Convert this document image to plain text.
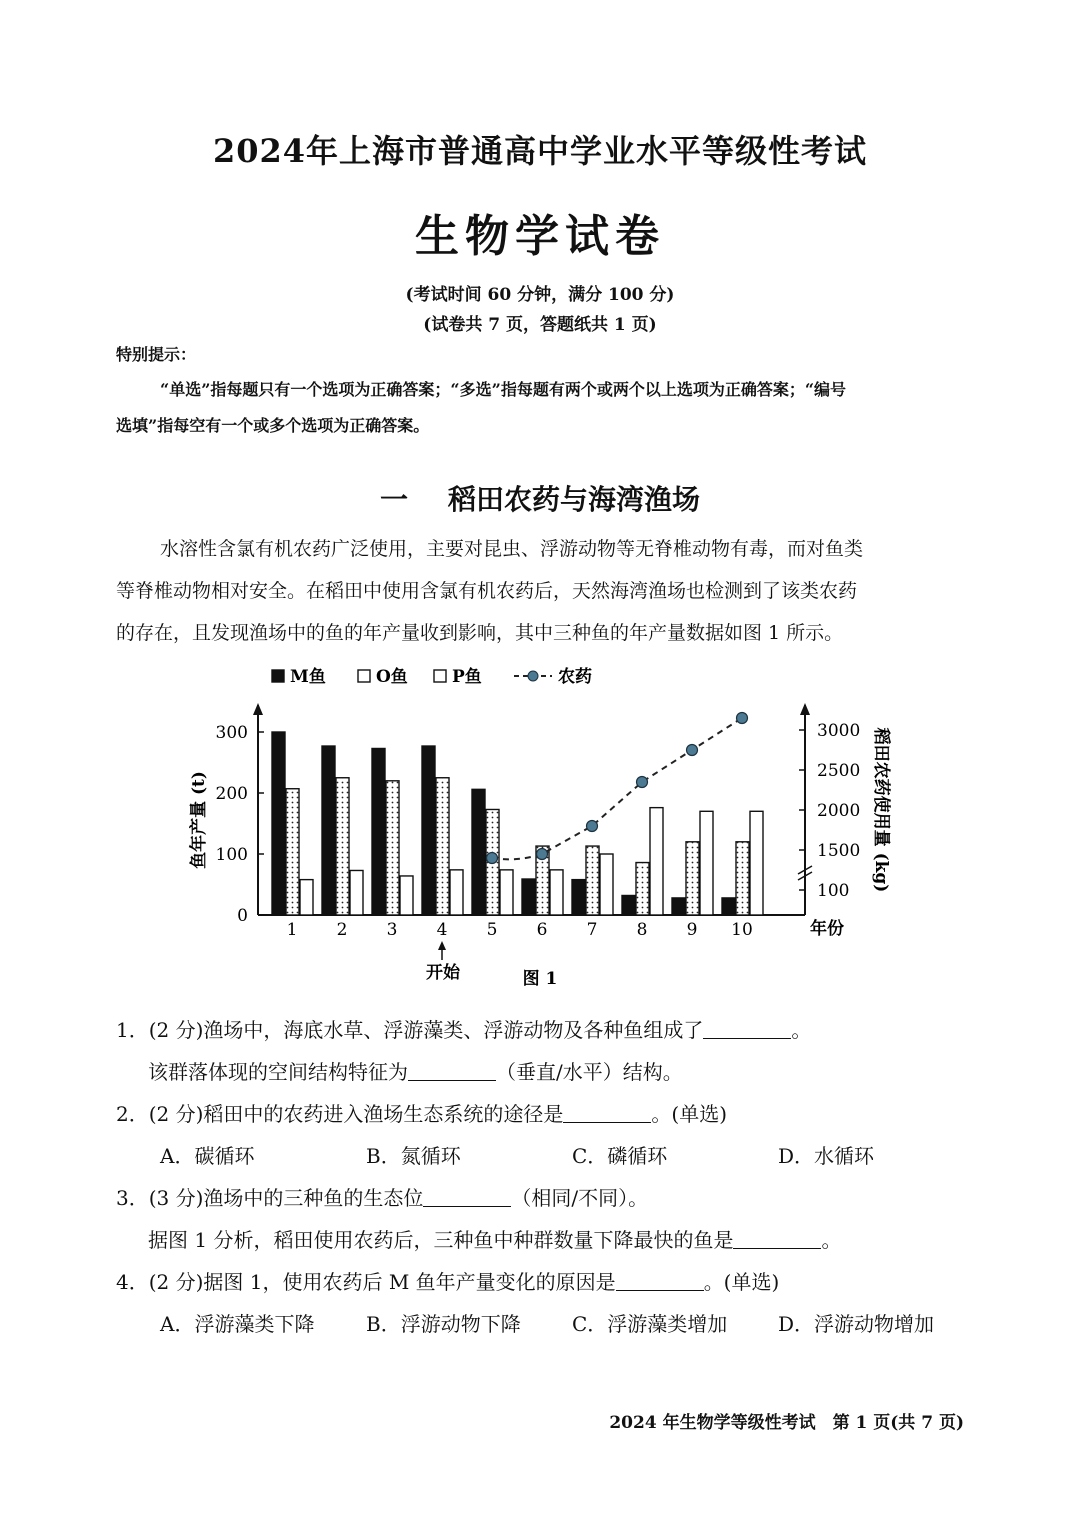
2024年上海市普通高中学业水平等级性考试
生物学试卷
(考试时间 60 分钟，满分 100 分)
(试卷共 7 页，答题纸共 1 页)
特别提示：
“单选”指每题只有一个选项为正确答案；“多选”指每题有两个或两个以上选项为正确答案；“编号
选填”指每空有一个或多个选项为正确答案。
一 稻田农药与海湾渔场
水溶性含氯有机农药广泛使用，主要对昆虫、浮游动物等无脊椎动物有毒，而对鱼类
等脊椎动物相对安全。在稻田中使用含氯有机农药后，天然海湾渔场也检测到了该类农药
的存在，且发现渔场中的鱼的年产量收到影响，其中三种鱼的年产量数据如图 1 所示。
M鱼	O鱼	P鱼	农药
0
100
200
300
100
1500
2000
2500
3000
1 2 3 4 5 6 7 8 9 10
鱼年产量 (t)	稻田农药使用量 (kg)
年份
开始	图 1
1．(2 分)渔场中，海底水草、浮游藻类、浮游动物及各种鱼组成了	。
该群落体现的空间结构特征为	（垂直/水平）结构。
2．(2 分)稻田中的农药进入渔场生态系统的途径是	。(单选)
A．碳循环	B．氮循环	C．磷循环	D．水循环
3．(3 分)渔场中的三种鱼的生态位	（相同/不同）。
据图 1 分析，稻田使用农药后，三种鱼中种群数量下降最快的鱼是	。
4．(2 分)据图 1，使用农药后 M 鱼年产量变化的原因是	。(单选)
A．浮游藻类下降	B．浮游动物下降	C．浮游藻类增加	D．浮游动物增加
2024 年生物学等级性考试　第 1 页(共 7 页)
